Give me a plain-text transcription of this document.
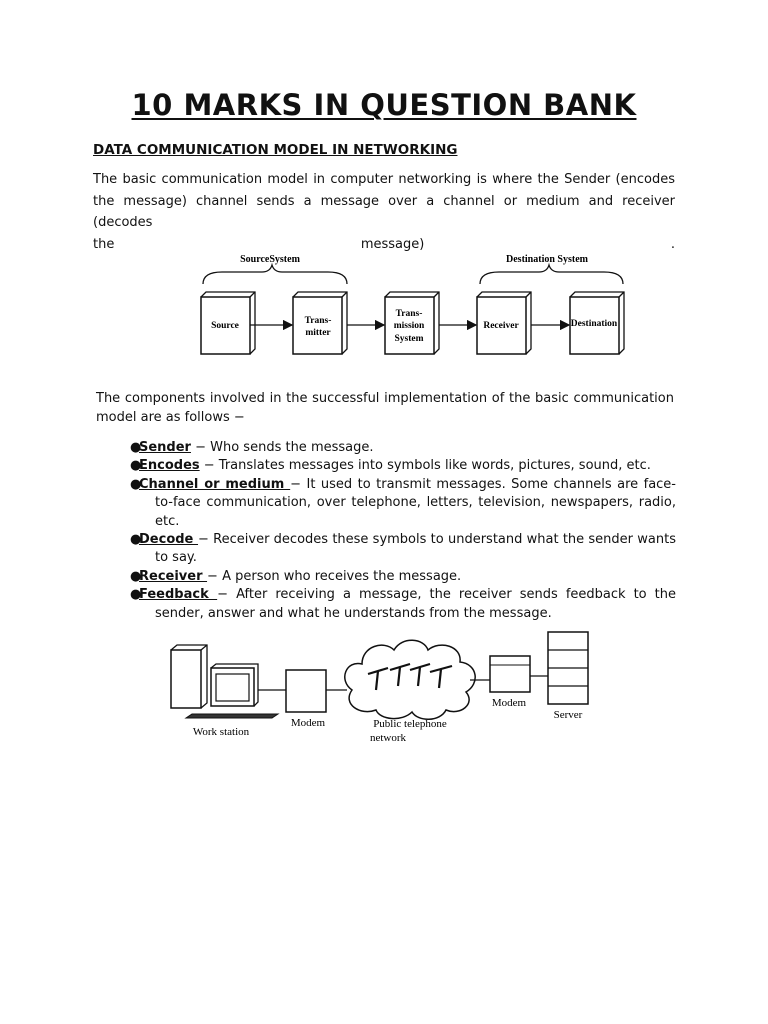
10 MARKS IN QUESTION BANK
DATA COMMUNICATION MODEL IN NETWORKING
The basic communication model in computer networking is where the Sender (encodes the message) channel sends a message over a channel or medium and receiver (decodes
the	message)	.
SourceSystem	Destination System
Source	Trans-
mitter
Trans-
mission
System
Receiver	Destination
The components involved in the successful implementation of the basic communication model are as follows −
●Sender − Who sends the message.
●Encodes − Translates messages into symbols like words, pictures, sound, etc.
●Channel or medium − It used to transmit messages. Some channels are face-to-face communication, over telephone, letters, television, newspapers, radio, etc.
●Decode − Receiver decodes these symbols to understand what the sender wants to say.
●Receiver − A person who receives the message.
●Feedback − After receiving a message, the receiver sends feedback to the sender, answer and what he understands from the message.
Work station
Modem	Public telephone
network
Modem
Server
